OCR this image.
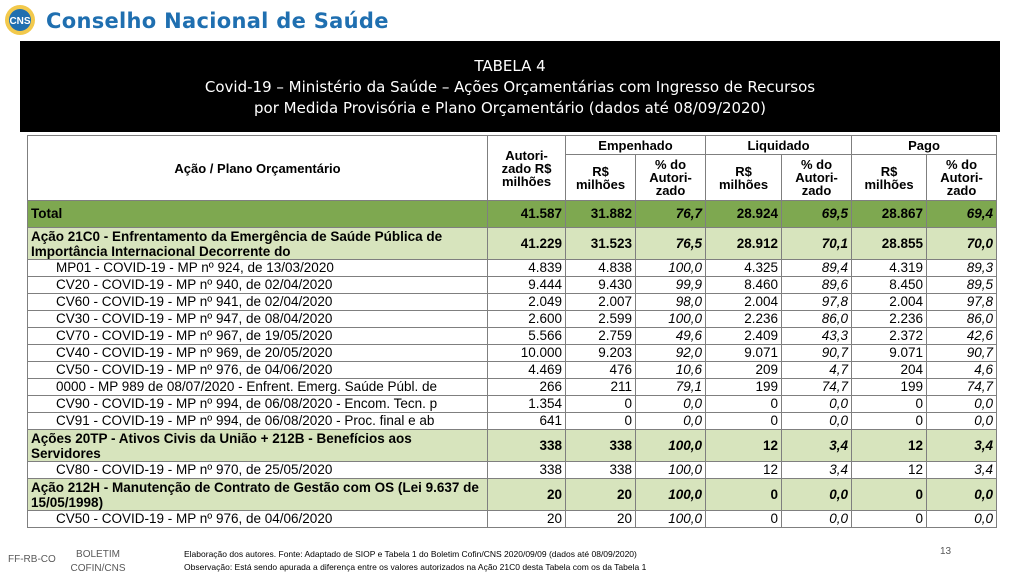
CNS Conselho Nacional de Saúde
TABELA 4
Covid-19 – Ministério da Saúde – Ações Orçamentárias com Ingresso de Recursos
por Medida Provisória e Plano Orçamentário (dados até 08/09/2020)
Ação / Plano Orçamentário	Autori-zado R$ milhões	Empenhado		Liquidado		Pago	
		R$ milhões	% do Autori-zado	R$ milhões	% do Autori-zado	R$ milhões	% do Autori-zado
Total	41.587	31.882	76,7	28.924	69,5	28.867	69,4
Ação 21C0 - Enfrentamento da Emergência de Saúde Pública de Importância Internacional Decorrente do	41.229	31.523	76,5	28.912	70,1	28.855	70,0
MP01 - COVID-19 - MP nº 924, de 13/03/2020	4.839	4.838	100,0	4.325	89,4	4.319	89,3
CV20 - COVID-19 - MP nº 940, de 02/04/2020	9.444	9.430	99,9	8.460	89,6	8.450	89,5
CV60 - COVID-19 - MP nº 941, de 02/04/2020	2.049	2.007	98,0	2.004	97,8	2.004	97,8
CV30 - COVID-19 - MP nº 947, de 08/04/2020	2.600	2.599	100,0	2.236	86,0	2.236	86,0
CV70 - COVID-19 - MP nº 967, de 19/05/2020	5.566	2.759	49,6	2.409	43,3	2.372	42,6
CV40 - COVID-19 - MP nº 969, de 20/05/2020	10.000	9.203	92,0	9.071	90,7	9.071	90,7
CV50 - COVID-19 - MP nº 976, de 04/06/2020	4.469	476	10,6	209	4,7	204	4,6
0000 - MP 989 de 08/07/2020 - Enfrent. Emerg. Saúde Públ. de	266	211	79,1	199	74,7	199	74,7
CV90 - COVID-19 - MP nº 994, de 06/08/2020 - Encom. Tecn. p	1.354	0	0,0	0	0,0	0	0,0
CV91 - COVID-19 - MP nº 994, de 06/08/2020 - Proc. final e ab	641	0	0,0	0	0,0	0	0,0
Ações 20TP - Ativos Civis da União + 212B - Benefícios aos Servidores	338	338	100,0	12	3,4	12	3,4
CV80 - COVID-19 - MP nº 970, de 25/05/2020	338	338	100,0	12	3,4	12	3,4
Ação 212H - Manutenção de Contrato de Gestão com OS (Lei 9.637 de 15/05/1998)	20	20	100,0	0	0,0	0	0,0
CV50 - COVID-19 - MP nº 976, de 04/06/2020	20	20	100,0	0	0,0	0	0,0
FF-RB-CO	BOLETIM
COFIN/CNS
Elaboração dos autores. Fonte: Adaptado de SIOP e Tabela 1 do Boletim Cofin/CNS 2020/09/09 (dados até 08/09/2020)
Observação: Está sendo apurada a diferença entre os valores autorizados na Ação 21C0 desta Tabela com os da Tabela 1
13
